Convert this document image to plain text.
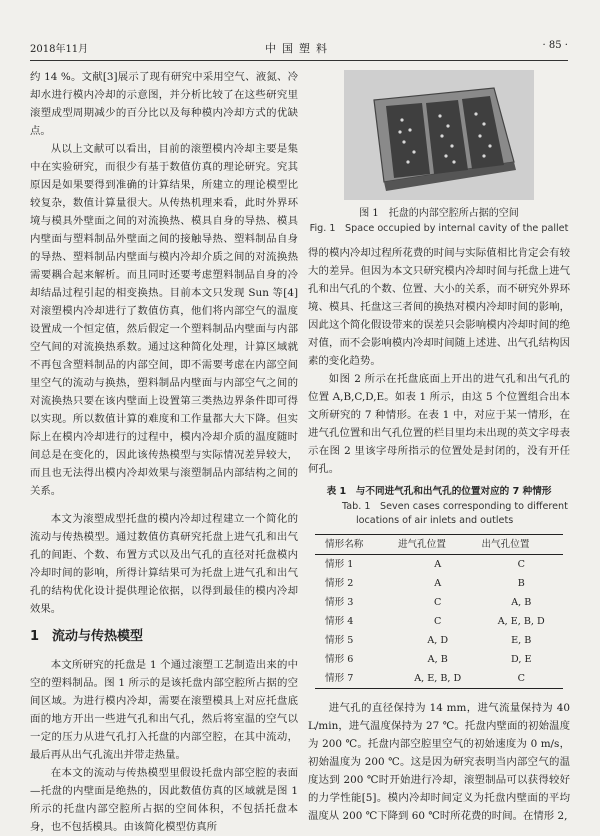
2018年11月	中国塑料	· 85 ·

约 14 %。文献[3]展示了现有研究中采用空气、液氮、冷却水进行模内冷却的示意图，并分析比较了在这些研究里滚塑成型周期减少的百分比以及每种模内冷却方式的优缺点。

从以上文献可以看出，目前的滚塑模内冷却主要是集中在实验研究，而很少有基于数值仿真的理论研究。究其原因是如果要得到准确的计算结果，所建立的理论模型比较复杂，数值计算量很大。从传热机理来看，此时外界环境与模具外壁面之间的对流换热、模具自身的导热、模具内壁面与塑料制品外壁面之间的接触导热、塑料制品自身的导热、塑料制品内壁面与模内冷却介质之间的对流换热需要耦合起来解析。而且同时还要考虑塑料制品自身的冷却结晶过程引起的相变换热。目前本文只发现 Sun 等[4]对滚塑模内冷却进行了数值仿真，他们将内部空气的温度设置成一个恒定值，然后假定一个塑料制品内壁面与内部空气间的对流换热系数。通过这种简化处理，计算区域就不再包含塑料制品的内部空间，即不需要考虑在内部空间里空气的流动与换热，塑料制品内壁面与内部空气之间的对流换热只要在该内壁面上设置第三类热边界条件即可得以实现。所以数值计算的难度和工作量都大大下降。但实际上在模内冷却进行的过程中，模内冷却介质的温度随时间总是在变化的，因此该传热模型与实际情况差异较大，而且也无法得出模内冷却效果与滚塑制品内部结构之间的关系。

本文为滚塑成型托盘的模内冷却过程建立一个简化的流动与传热模型。通过数值仿真研究托盘上进气孔和出气孔的间距、个数、布置方式以及出气孔的直径对托盘模内冷却时间的影响，所得计算结果可为托盘上进气孔和出气孔的结构优化设计提供理论依据，以得到最佳的模内冷却效果。

1　流动与传热模型

本文所研究的托盘是 1 个通过滚塑工艺制造出来的中空的塑料制品。图 1 所示的是该托盘内部空腔所占据的空间区域。为进行模内冷却，需要在滚塑模具上对应托盘底面的地方开出一些进气孔和出气孔，然后将室温的空气以一定的压力从进气孔打入托盘的内部空腔，在其中流动，最后再从出气孔流出并带走热量。

在本文的流动与传热模型里假设托盘内部空腔的表面—托盘的内壁面是绝热的，因此数值仿真的区域就是图 1 所示的托盘内部空腔所占据的空间体积，不包括托盘本身，也不包括模具。由该简化模型仿真所

图 1　托盘的内部空腔所占据的空间
Fig. 1　Space occupied by internal cavity of the pallet

得的模内冷却过程所花费的时间与实际值相比肯定会有较大的差异。但因为本文只研究模内冷却时间与托盘上进气孔和出气孔的个数、位置、大小的关系，而不研究外界环境、模具、托盘这三者间的换热对模内冷却时间的影响，因此这个简化假设带来的误差只会影响模内冷却时间的绝对值，而不会影响模内冷却时间随上述进、出气孔结构因素的变化趋势。

如图 2 所示在托盘底面上开出的进气孔和出气孔的位置 A,B,C,D,E。如表 1 所示，由这 5 个位置组合出本文所研究的 7 种情形。在表 1 中，对应于某一情形，在进气孔位置和出气孔位置的栏目里均未出现的英文字母表示在图 2 里该字母所指示的位置处是封闭的，没有开任何孔。

表 1　与不同进气孔和出气孔的位置对应的 7 种情形
Tab. 1　Seven cases corresponding to different
locations of air inlets and outlets
情形名称	进气孔位置	出气孔位置
情形 1	A	C
情形 2	A	B
情形 3	C	A, B
情形 4	C	A, E, B, D
情形 5	A, D	E, B
情形 6	A, B	D, E
情形 7	A, E, B, D	C

进气孔的直径保持为 14 mm，进气流量保持为 40 L/min，进气温度保持为 27 ℃。托盘内壁面的初始温度为 200 ℃。托盘内部空腔里空气的初始速度为 0 m/s，初始温度为 200 ℃。这是因为研究表明当内部空气的温度达到 200 ℃时开始进行冷却，滚塑制品可以获得较好的力学性能[5]。模内冷却时间定义为托盘内壁面的平均温度从 200 ℃下降到 60 ℃时所花费的时间。在情形 2,
